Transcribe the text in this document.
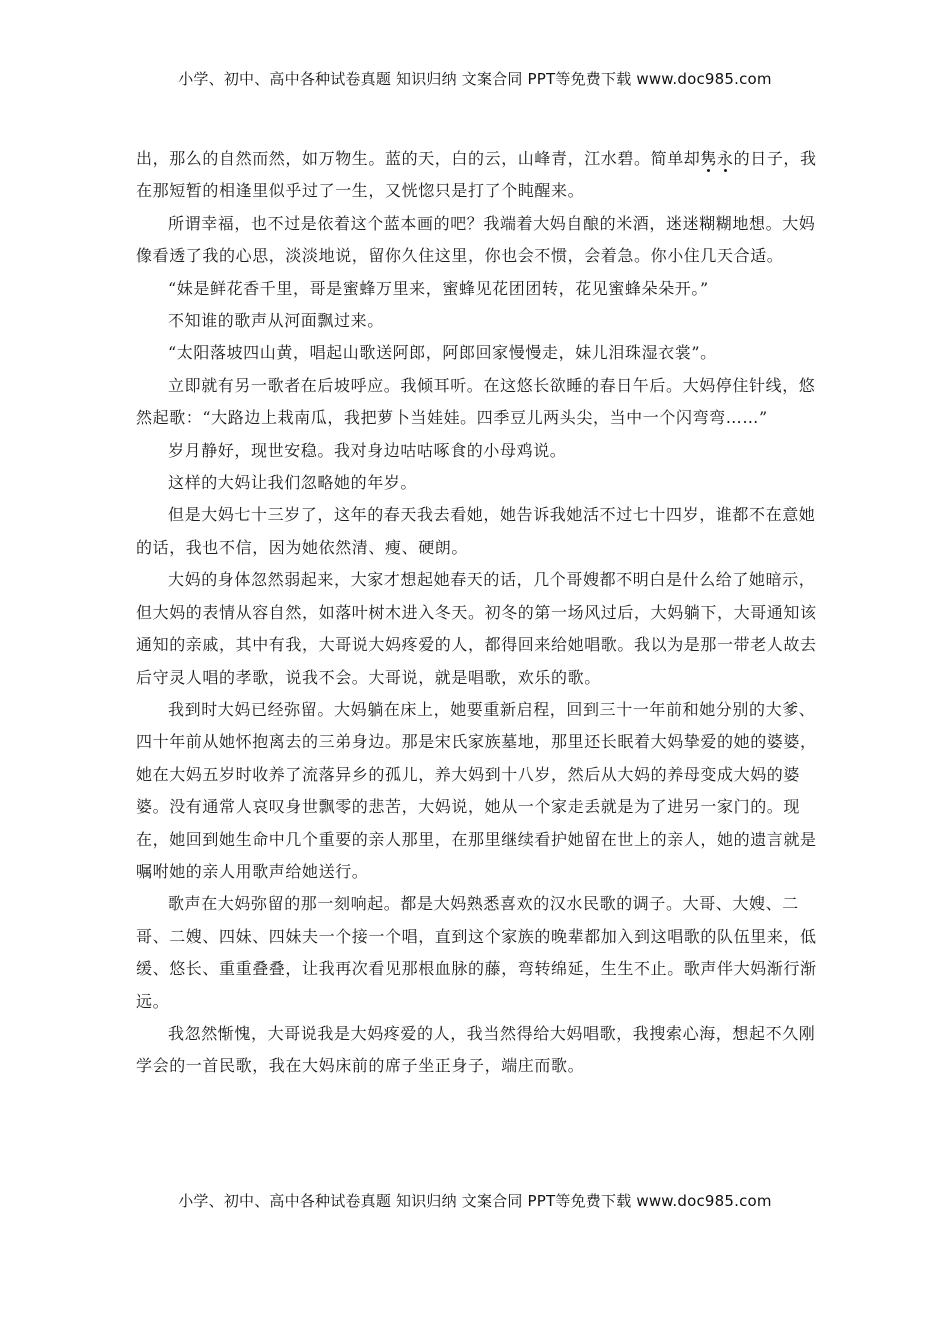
小学、初中、高中各种试卷真题 知识归纳 文案合同 PPT等免费下载 www.doc985.com

出，那么的自然而然，如万物生。蓝的天，白的云，山峰青，江水碧。简单却隽永的日子，我在那短暂的相逢里似乎过了一生，又恍惚只是打了个盹醒来。

所谓幸福，也不过是依着这个蓝本画的吧？我端着大妈自酿的米酒，迷迷糊糊地想。大妈像看透了我的心思，淡淡地说，留你久住这里，你也会不惯，会着急。你小住几天合适。

“妹是鲜花香千里，哥是蜜蜂万里来，蜜蜂见花团团转，花见蜜蜂朵朵开。”

不知谁的歌声从河面飘过来。

“太阳落坡四山黄，唱起山歌送阿郎，阿郎回家慢慢走，妹儿泪珠湿衣裳”。

立即就有另一歌者在后坡呼应。我倾耳听。在这悠长欲睡的春日午后。大妈停住针线，悠然起歌：“大路边上栽南瓜，我把萝卜当娃娃。四季豆儿两头尖，当中一个闪弯弯……”

岁月静好，现世安稳。我对身边咕咕啄食的小母鸡说。

这样的大妈让我们忽略她的年岁。

但是大妈七十三岁了，这年的春天我去看她，她告诉我她活不过七十四岁，谁都不在意她的话，我也不信，因为她依然清、瘦、硬朗。

大妈的身体忽然弱起来，大家才想起她春天的话，几个哥嫂都不明白是什么给了她暗示，但大妈的表情从容自然，如落叶树木进入冬天。初冬的第一场风过后，大妈躺下，大哥通知该通知的亲戚，其中有我，大哥说大妈疼爱的人，都得回来给她唱歌。我以为是那一带老人故去后守灵人唱的孝歌，说我不会。大哥说，就是唱歌，欢乐的歌。

我到时大妈已经弥留。大妈躺在床上，她要重新启程，回到三十一年前和她分别的大爹、四十年前从她怀抱离去的三弟身边。那是宋氏家族墓地，那里还长眠着大妈挚爱的她的婆婆，她在大妈五岁时收养了流落异乡的孤儿，养大妈到十八岁，然后从大妈的养母变成大妈的婆婆。没有通常人哀叹身世飘零的悲苦，大妈说，她从一个家走丢就是为了进另一家门的。现在，她回到她生命中几个重要的亲人那里，在那里继续看护她留在世上的亲人，她的遗言就是嘱咐她的亲人用歌声给她送行。

歌声在大妈弥留的那一刻响起。都是大妈熟悉喜欢的汉水民歌的调子。大哥、大嫂、二哥、二嫂、四妹、四妹夫一个接一个唱，直到这个家族的晚辈都加入到这唱歌的队伍里来，低缓、悠长、重重叠叠，让我再次看见那根血脉的藤，弯转绵延，生生不止。歌声伴大妈渐行渐远。

我忽然惭愧，大哥说我是大妈疼爱的人，我当然得给大妈唱歌，我搜索心海，想起不久刚学会的一首民歌，我在大妈床前的席子坐正身子，端庄而歌。

小学、初中、高中各种试卷真题 知识归纳 文案合同 PPT等免费下载 www.doc985.com
